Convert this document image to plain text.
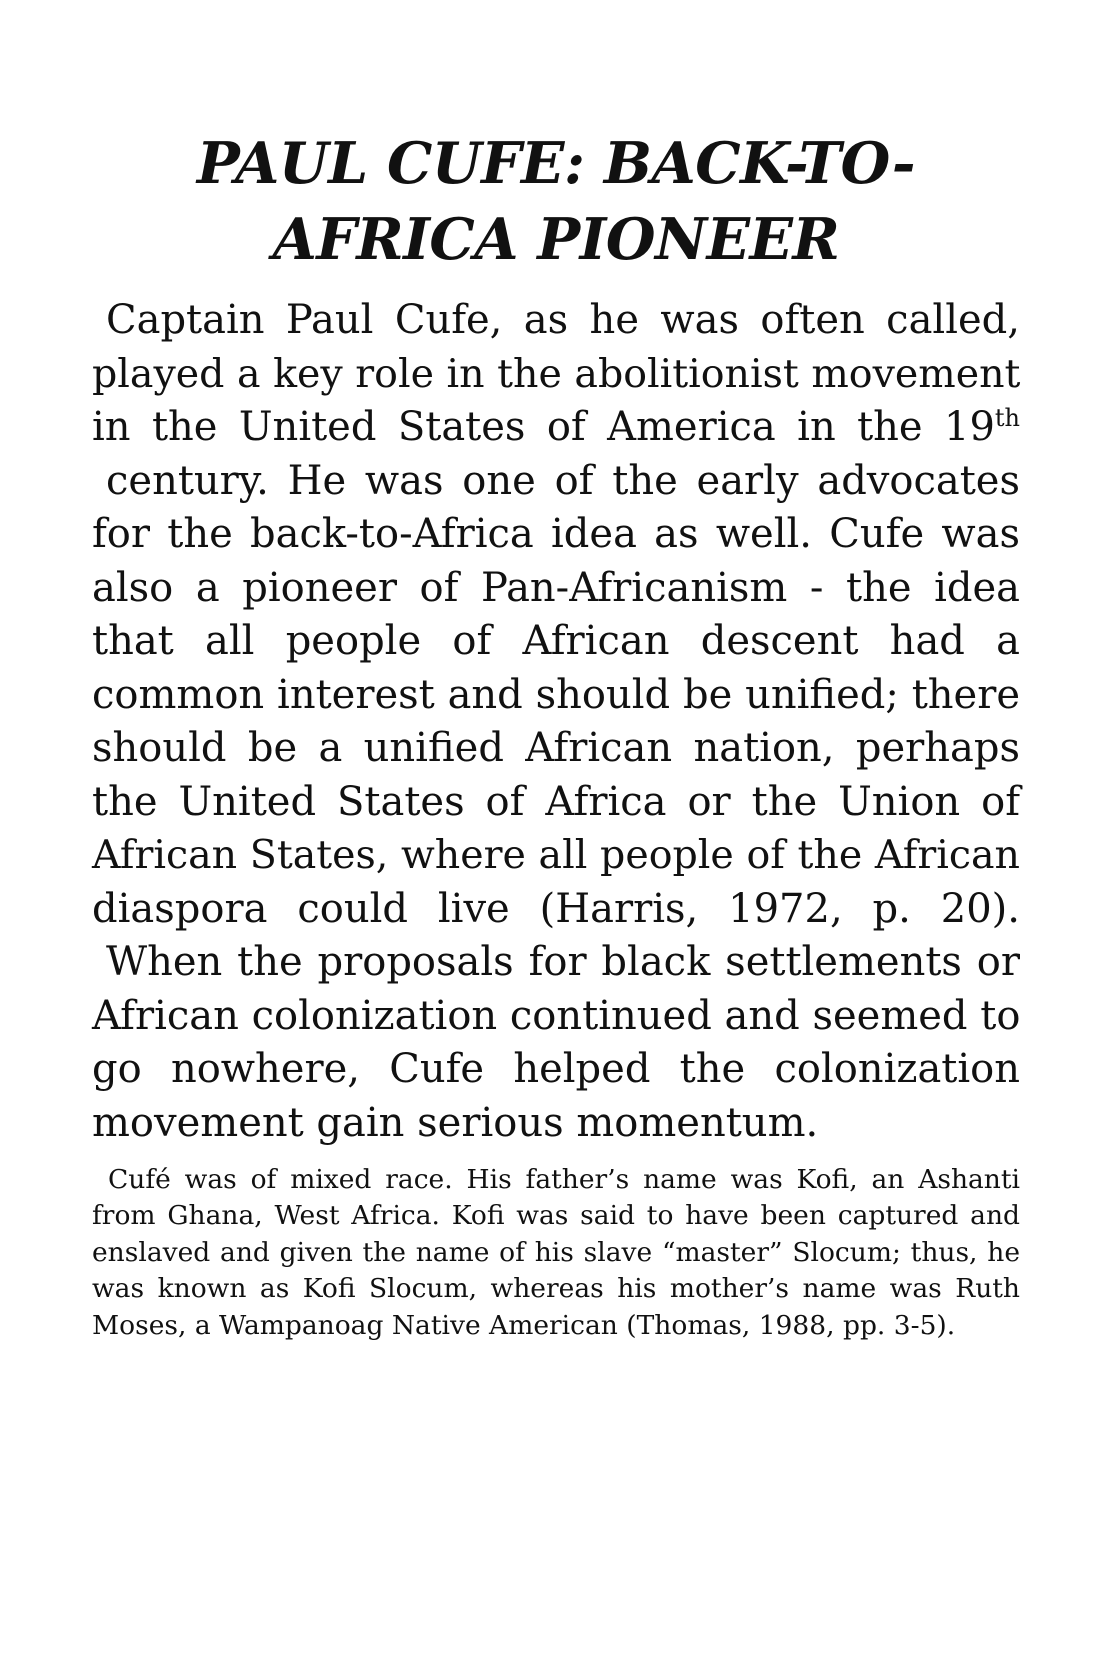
PAUL CUFE: BACK-TO-
AFRICA PIONEER
Captain Paul Cufe, as he was often called,
played a key role in the abolitionist movement
in the United States of America in the 19th
century. He was one of the early advocates
for the back-to-Africa idea as well. Cufe was
also a pioneer of Pan-Africanism - the idea
that all people of African descent had a
common interest and should be unified; there
should be a unified African nation, perhaps
the United States of Africa or the Union of
African States, where all people of the African
diaspora could live (Harris, 1972, p. 20).
When the proposals for black settlements or
African colonization continued and seemed to
go nowhere, Cufe helped the colonization
movement gain serious momentum.
Cufé was of mixed race. His father’s name was Kofi, an Ashanti
from Ghana, West Africa. Kofi was said to have been captured and
enslaved and given the name of his slave “master” Slocum; thus, he
was known as Kofi Slocum, whereas his mother’s name was Ruth
Moses, a Wampanoag Native American (Thomas, 1988, pp. 3-5).
